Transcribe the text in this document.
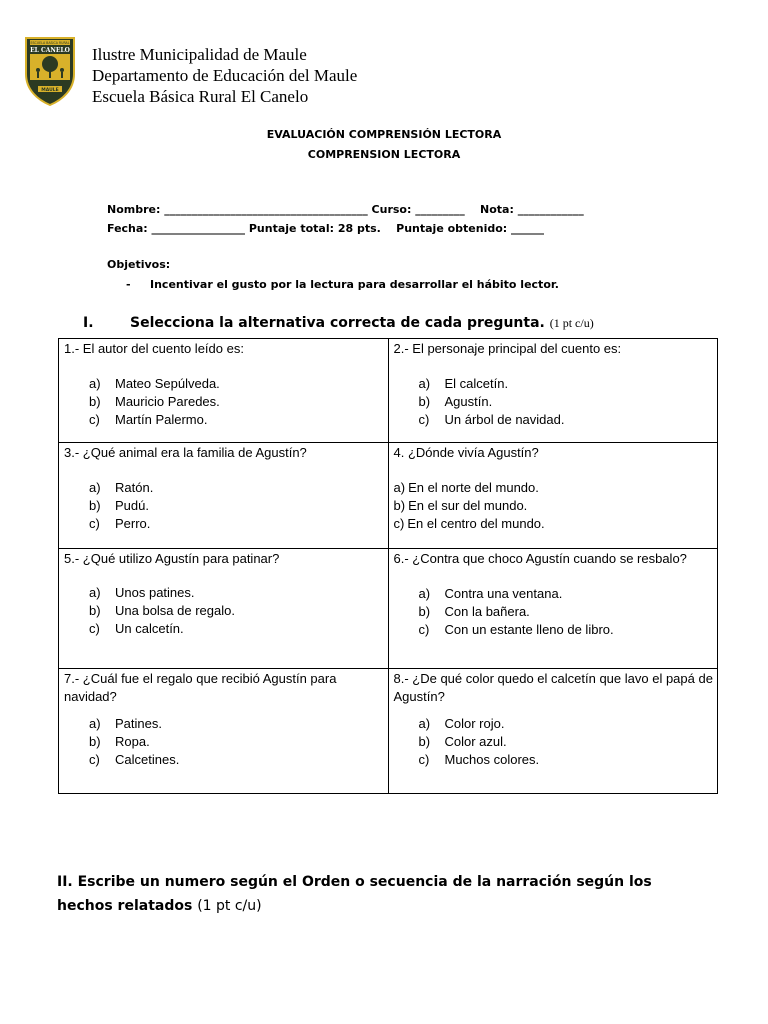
ESCUELA BASICA RURAL
EL CANELO
MAULE
Ilustre Municipalidad de Maule
Departamento de Educación del Maule
Escuela Básica Rural El Canelo
EVALUACIÓN COMPRENSIÓN LECTORA
COMPRENSION LECTORA
Nombre: _____________________________________ Curso: _________    Nota: ____________
Fecha: _________________ Puntaje total: 28 pts.    Puntaje obtenido: ______
Objetivos:
- Incentivar el gusto por la lectura para desarrollar el hábito lector.
I.	Selecciona la alternativa correcta de cada pregunta. (1 pt c/u)
1.- El autor del cuento leído es:
a) Mateo Sepúlveda.
b) Mauricio Paredes.
c) Martín Palermo.	2.- El personaje principal del cuento es:
a) El calcetín.
b) Agustín.
c) Un árbol de navidad.

3.- ¿Qué animal era la familia de Agustín?
a) Ratón.
b) Pudú.
c) Perro.	4. ¿Dónde vivía Agustín?
a) En el norte del mundo.
b) En el sur del mundo.
c) En el centro del mundo.

5.- ¿Qué utilizo Agustín para patinar?
a) Unos patines.
b) Una bolsa de regalo.
c) Un calcetín.	6.- ¿Contra que choco Agustín cuando se resbalo?
a) Contra una ventana.
b) Con la bañera.
c) Con un estante lleno de libro.

7.- ¿Cuál fue el regalo que recibió Agustín para navidad?
a) Patines.
b) Ropa.
c) Calcetines.	8.- ¿De qué color quedo el calcetín que lavo el papá de Agustín?
a) Color rojo.
b) Color azul.
c) Muchos colores.
II. Escribe un numero según el Orden o secuencia de la narración según los hechos relatados (1 pt c/u)
